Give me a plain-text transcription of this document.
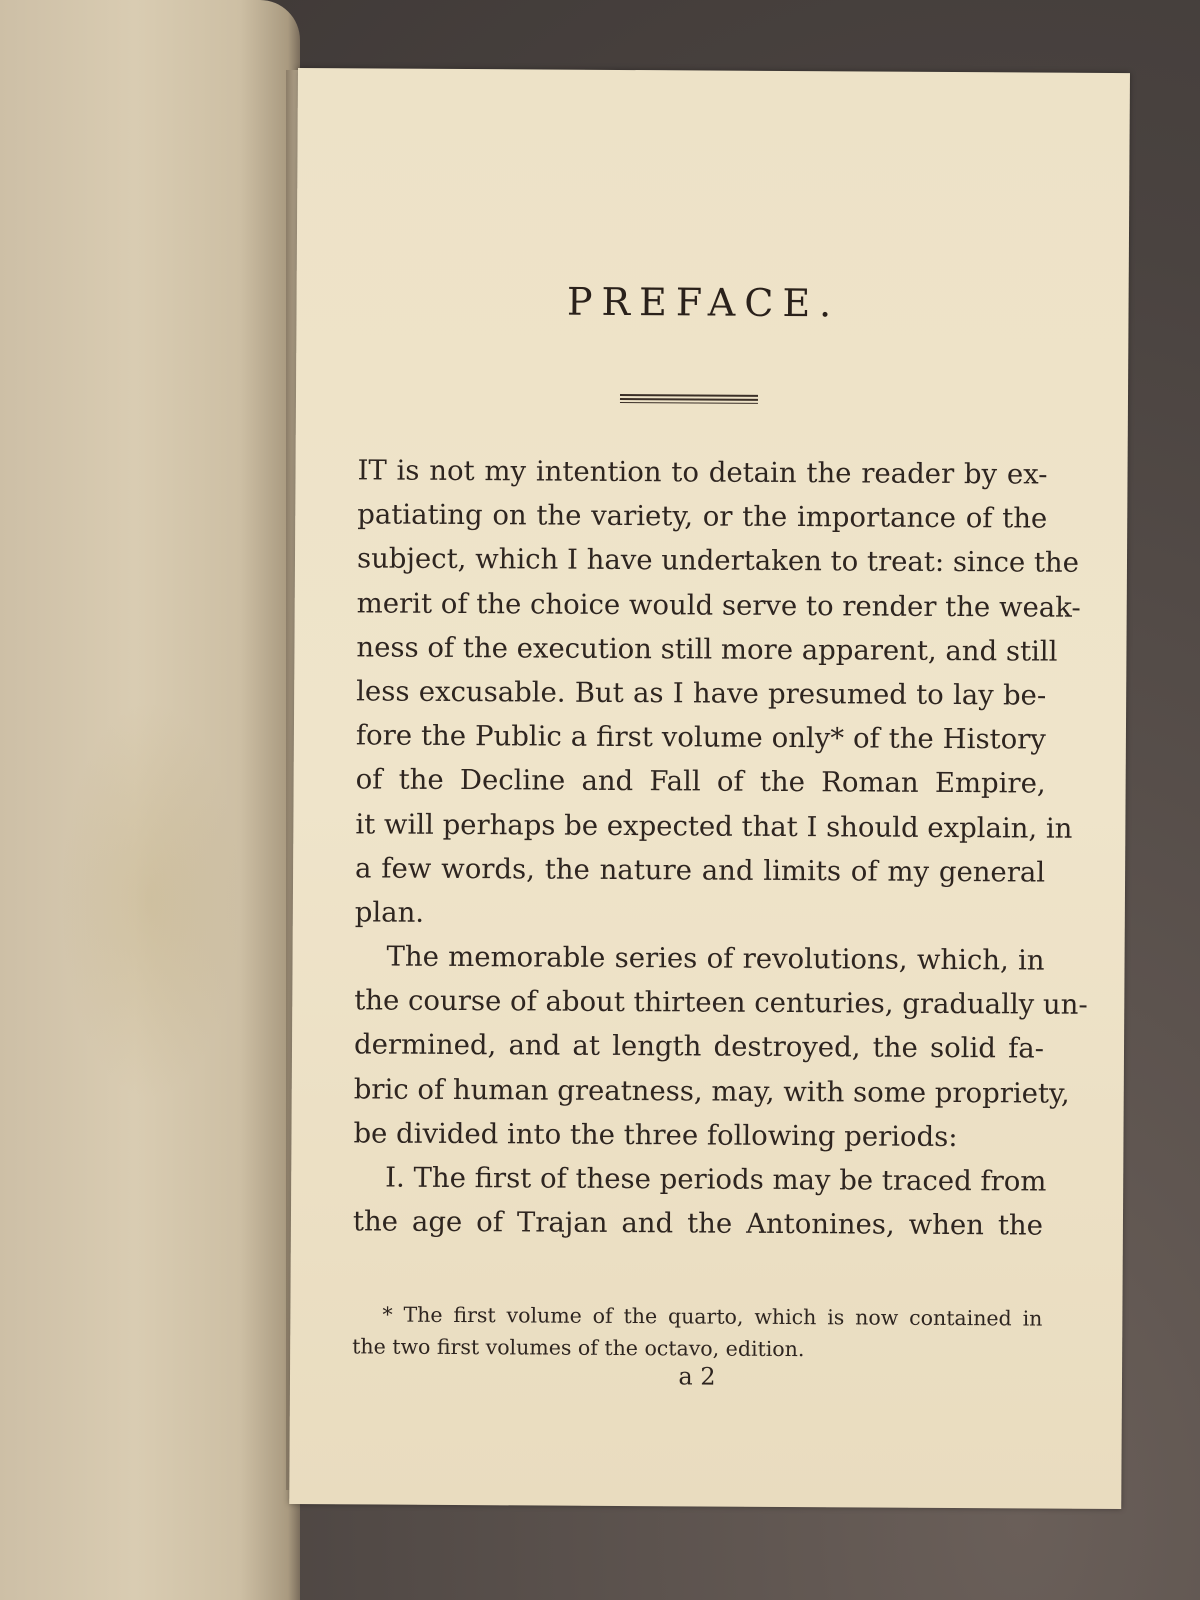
PREFACE.
IT is not my intention to detain the reader by ex-
patiating on the variety, or the importance of the
subject, which I have undertaken to treat: since the
merit of the choice would serve to render the weak-
ness of the execution still more apparent, and still
less excusable. But as I have presumed to lay be-
fore the Public a first volume only* of the History
of the Decline and Fall of the Roman Empire,
it will perhaps be expected that I should explain, in
a few words, the nature and limits of my general
plan.
The memorable series of revolutions, which, in
the course of about thirteen centuries, gradually un-
dermined, and at length destroyed, the solid fa-
bric of human greatness, may, with some propriety,
be divided into the three following periods:
I. The first of these periods may be traced from
the age of Trajan and the Antonines, when the
* The first volume of the quarto, which is now contained in
the two first volumes of the octavo, edition.
a 2
